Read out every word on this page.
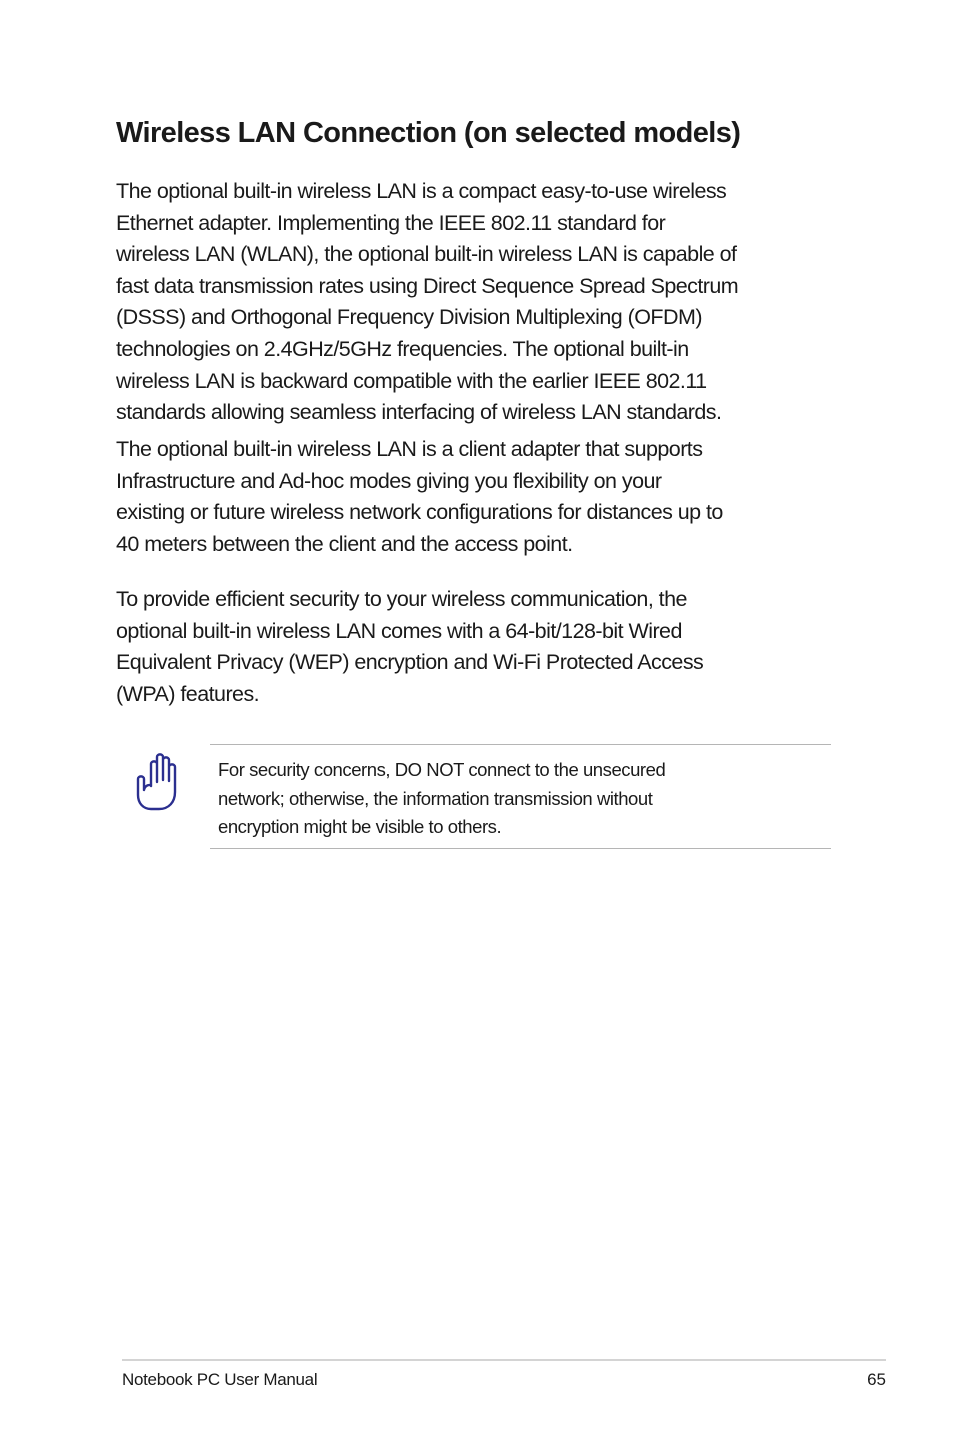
Wireless LAN Connection (on selected models)

The optional built-in wireless LAN is a compact easy-to-use wireless
Ethernet adapter. Implementing the IEEE 802.11 standard for
wireless LAN (WLAN), the optional built-in wireless LAN is capable of
fast data transmission rates using Direct Sequence Spread Spectrum
(DSSS) and Orthogonal Frequency Division Multiplexing (OFDM)
technologies on 2.4GHz/5GHz frequencies. The optional built-in
wireless LAN is backward compatible with the earlier IEEE 802.11
standards allowing seamless interfacing of wireless LAN standards.

The optional built-in wireless LAN is a client adapter that supports
Infrastructure and Ad-hoc modes giving you flexibility on your
existing or future wireless network configurations for distances up to
40 meters between the client and the access point.

To provide efficient security to your wireless communication, the
optional built-in wireless LAN comes with a 64-bit/128-bit Wired
Equivalent Privacy (WEP) encryption and Wi-Fi Protected Access
(WPA) features.

For security concerns, DO NOT connect to the unsecured
network; otherwise, the information transmission without
encryption might be visible to others.

Notebook PC User Manual	65
